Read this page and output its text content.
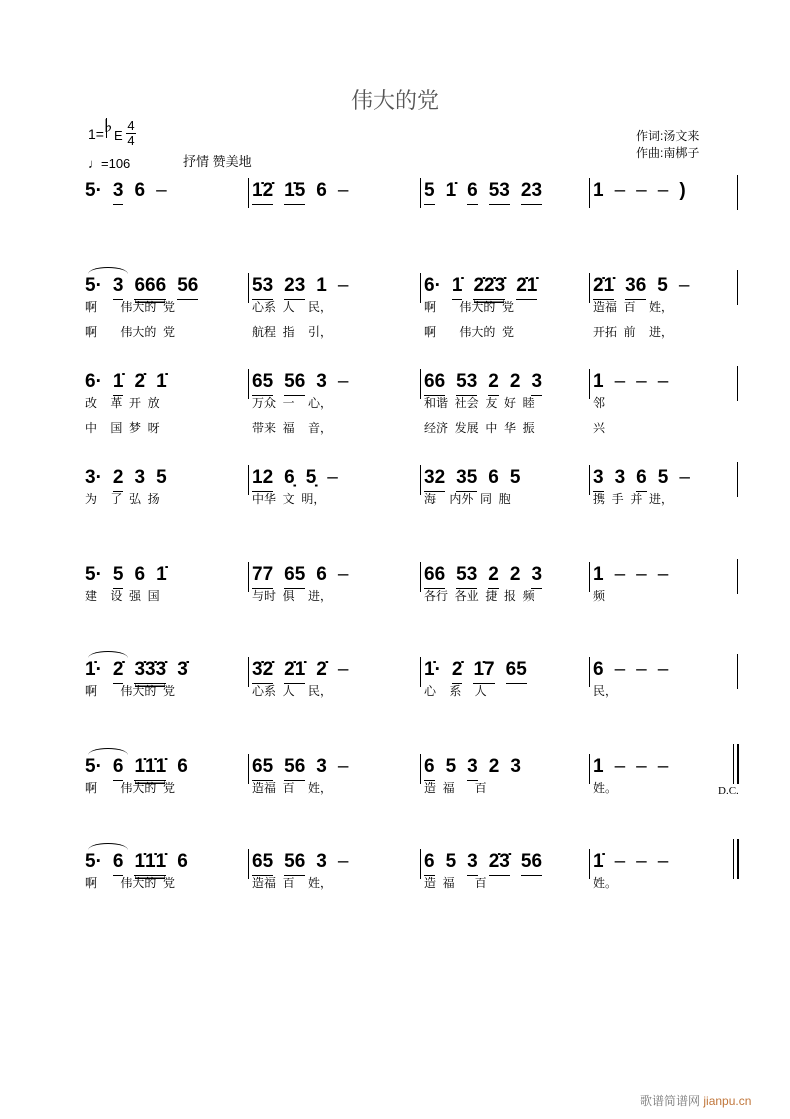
伟大的党
1= ♭ E
4
4
♩=106	抒情 赞美地
作词:汤文来
作曲:南梆子
5· 3 6 –	1̇2̇ 1̇5 6 –	5 1̇ 6 53 23	1 – – – )
5· 3 666 56
啊       伟大的  党
啊       伟大的  党
53 23 1 –
心系  人    民，
航程  指    引，
6· 1̇ 2̇2̇3̇ 2̇1̇
啊       伟大的  党
啊       伟大的  党
2̇1̇ 36 5 –
造福  百    姓，
开拓  前    进，
6· 1̇ 2̇ 1̇
改    革  开  放
中    国  梦  呀
65 56 3 –
万众  一    心，
带来  福    音，
66 53 2 2 3
和谐  社会  友  好  睦
经济  发展  中  华  振
1 – – –
邻
兴
3· 2 3 5
为    了  弘  扬
12 6̣ 5̣ –
中华  文  明，
32 35 6 5
海    内外  同  胞
3 3 6 5 –
携  手  并  进，
5· 5 6 1̇
建    设  强  国
77 65 6 –
与时  俱    进，
66 53 2 2 3
各行  各业  捷  报  频
1 – – –
频
1̇· 2̇ 3̇3̇3̇ 3̇
啊       伟大的  党
3̇2̇ 2̇1̇ 2̇ –
心系  人    民，
1̇· 2̇ 1̇7 65
心    系    人
6 – – –
民，
5· 6 1̇1̇1̇ 6
啊       伟大的  党
65 56 3 –
造福  百    姓，
6 5 3 2 3
造  福      百
1 – – –
姓。
5· 6 1̇1̇1̇ 6
啊       伟大的  党
65 56 3 –
造福  百    姓，
6 5 3 2̇3̇ 56
造  福      百
1̇ – – –
姓。
D.C.
歌谱简谱网 jianpu.cn
